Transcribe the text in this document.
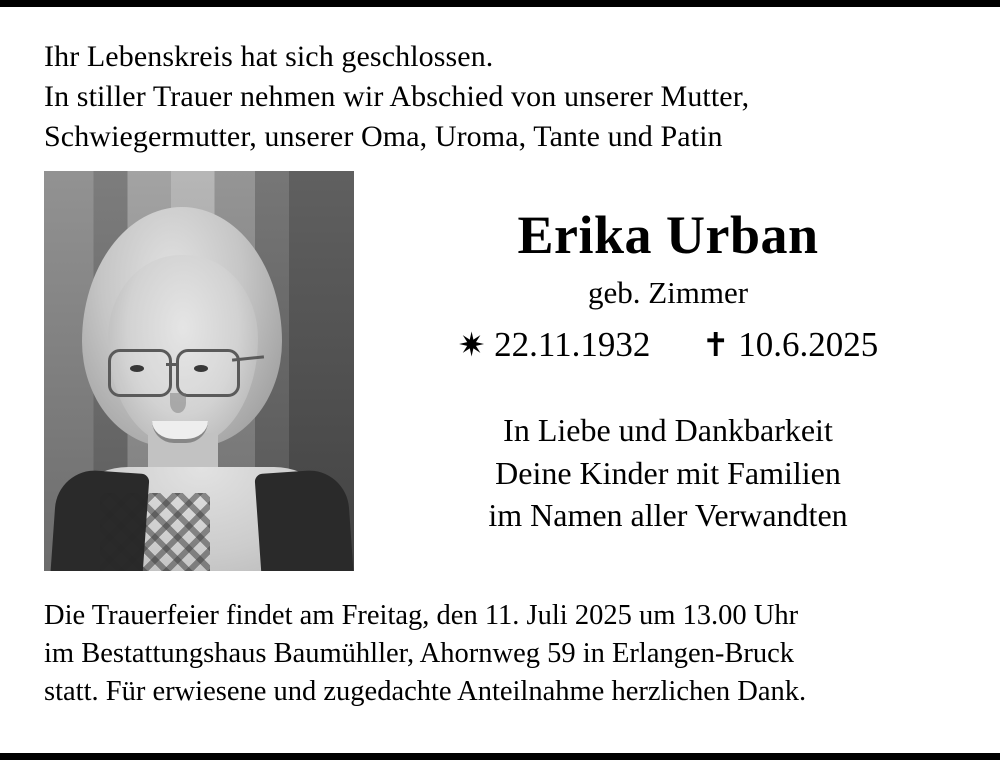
Ihr Lebenskreis hat sich geschlossen.
In stiller Trauer nehmen wir Abschied von unserer Mutter,
Schwiegermutter, unserer Oma, Uroma, Tante und Patin
Erika Urban
geb. Zimmer
✷ 22.11.1932 ✝ 10.6.2025
In Liebe und Dankbarkeit
Deine Kinder mit Familien
im Namen aller Verwandten
Die Trauerfeier findet am Freitag, den 11. Juli 2025 um 13.00 Uhr
im Bestattungshaus Baumühller, Ahornweg 59 in Erlangen-Bruck
statt. Für erwiesene und zugedachte Anteilnahme herzlichen Dank.
